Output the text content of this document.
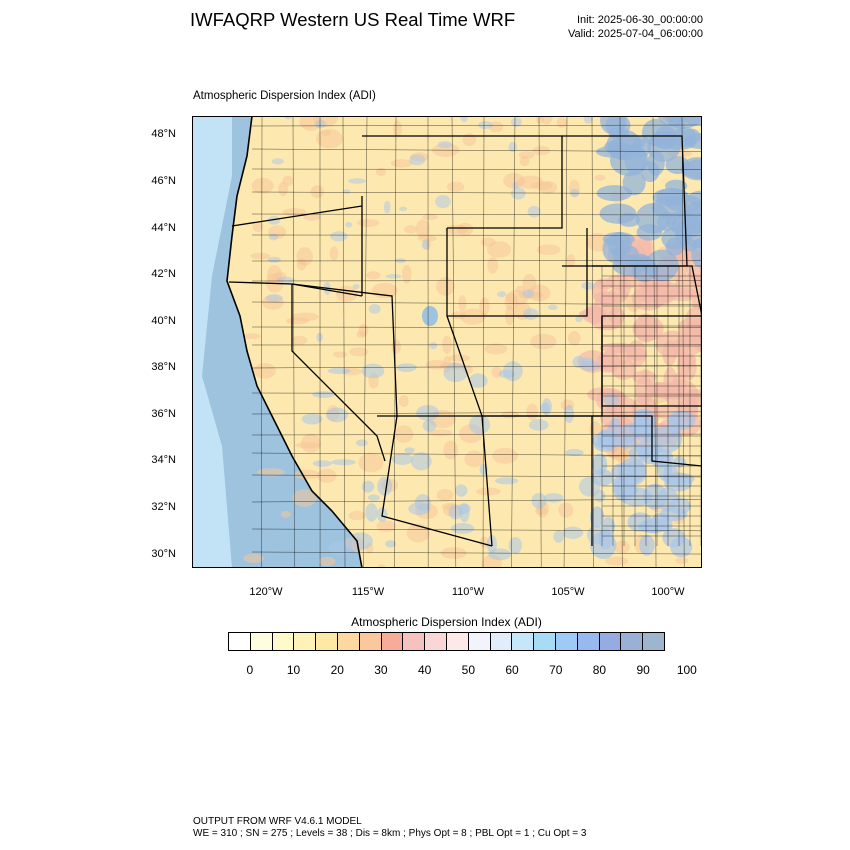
IWFAQRP Western US Real Time WRF	Init: 2025-06-30_00:00:00
Valid: 2025-07-04_06:00:00
Atmospheric Dispersion Index (ADI)
48°N
46°N
44°N
42°N
40°N
38°N
36°N
34°N
32°N
30°N
120°W	115°W	110°W	105°W	100°W
Atmospheric Dispersion Index (ADI)
0	10	20	30	40	50	60	70	80	90	100
OUTPUT FROM WRF V4.6.1 MODEL
WE = 310 ; SN = 275 ; Levels = 38 ; Dis = 8km ; Phys Opt = 8 ; PBL Opt = 1 ; Cu Opt = 3
